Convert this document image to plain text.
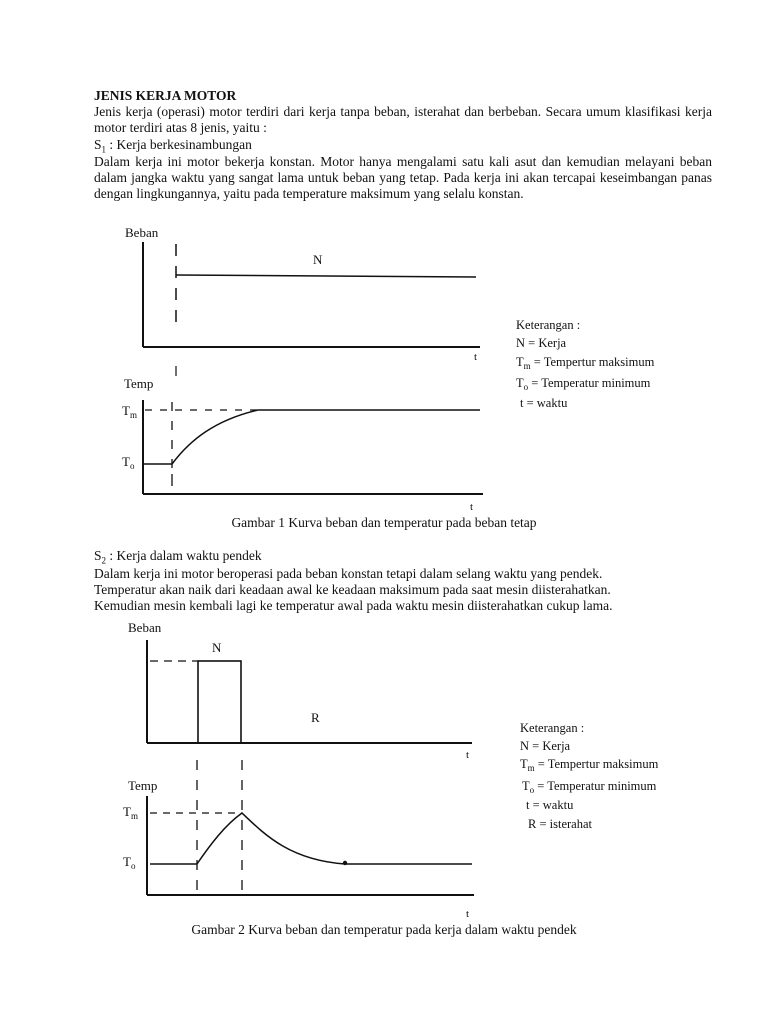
JENIS KERJA MOTOR
Jenis kerja (operasi) motor terdiri dari kerja tanpa beban, isterahat dan berbeban. Secara umum klasifikasi kerja motor terdiri atas 8 jenis, yaitu :
$S_1$ : Kerja berkesinambungan
Dalam kerja ini motor bekerja konstan. Motor hanya mengalami satu kali asut dan kemudian melayani beban dalam jangka waktu yang sangat lama untuk beban yang tetap. Pada kerja ini akan tercapai keseimbangan panas dengan lingkungannya, yaitu pada temperature maksimum yang selalu konstan.
Beban
t
N
Temp
t
$T_m$
$T_o$
Keterangan :
N = Kerja
$T_m$ = Tempertur maksimum
$T_o$ = Temperatur minimum
t = waktu
Gambar 1 Kurva beban dan temperatur pada beban tetap
$S_2$ : Kerja dalam waktu pendek
Dalam kerja ini motor beroperasi pada beban konstan tetapi dalam selang waktu yang pendek.
Temperatur akan naik dari keadaan awal ke keadaan maksimum pada saat mesin diisterahatkan.
Kemudian mesin kembali lagi ke temperatur awal pada waktu mesin diisterahatkan cukup lama.
Beban
t
N
R
Temp
t
$T_m$
$T_o$
Keterangan :
N = Kerja
$T_m$ = Tempertur maksimum
$T_o$ = Temperatur minimum
t = waktu
R = isterahat
Gambar 2 Kurva beban dan temperatur pada kerja dalam waktu pendek
